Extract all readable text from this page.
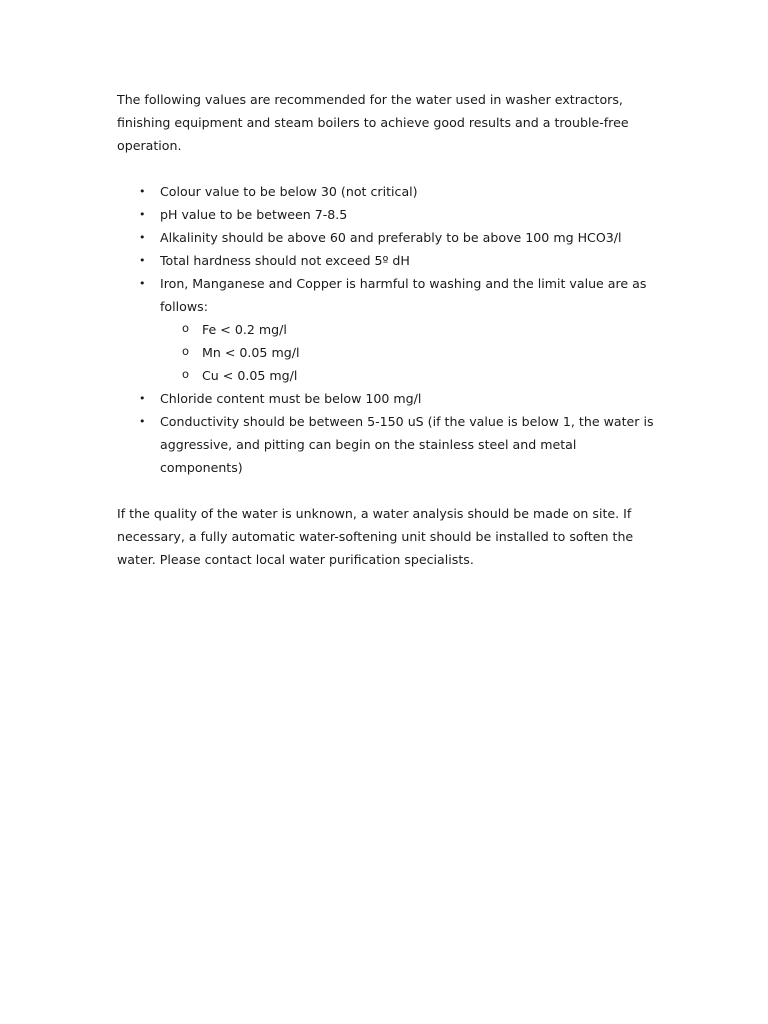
The following values are recommended for the water used in washer extractors, finishing equipment and steam boilers to achieve good results and a trouble-free operation.

• Colour value to be below 30 (not critical)
• pH value to be between 7-8.5
• Alkalinity should be above 60 and preferably to be above 100 mg HCO3/l
• Total hardness should not exceed 5º dH
• Iron, Manganese and Copper is harmful to washing and the limit value are as follows:
o Fe < 0.2 mg/l
o Mn < 0.05 mg/l
o Cu < 0.05 mg/l
• Chloride content must be below 100 mg/l
• Conductivity should be between 5-150 uS (if the value is below 1, the water is aggressive, and pitting can begin on the stainless steel and metal components)

If the quality of the water is unknown, a water analysis should be made on site. If necessary, a fully automatic water-softening unit should be installed to soften the water. Please contact local water purification specialists.
